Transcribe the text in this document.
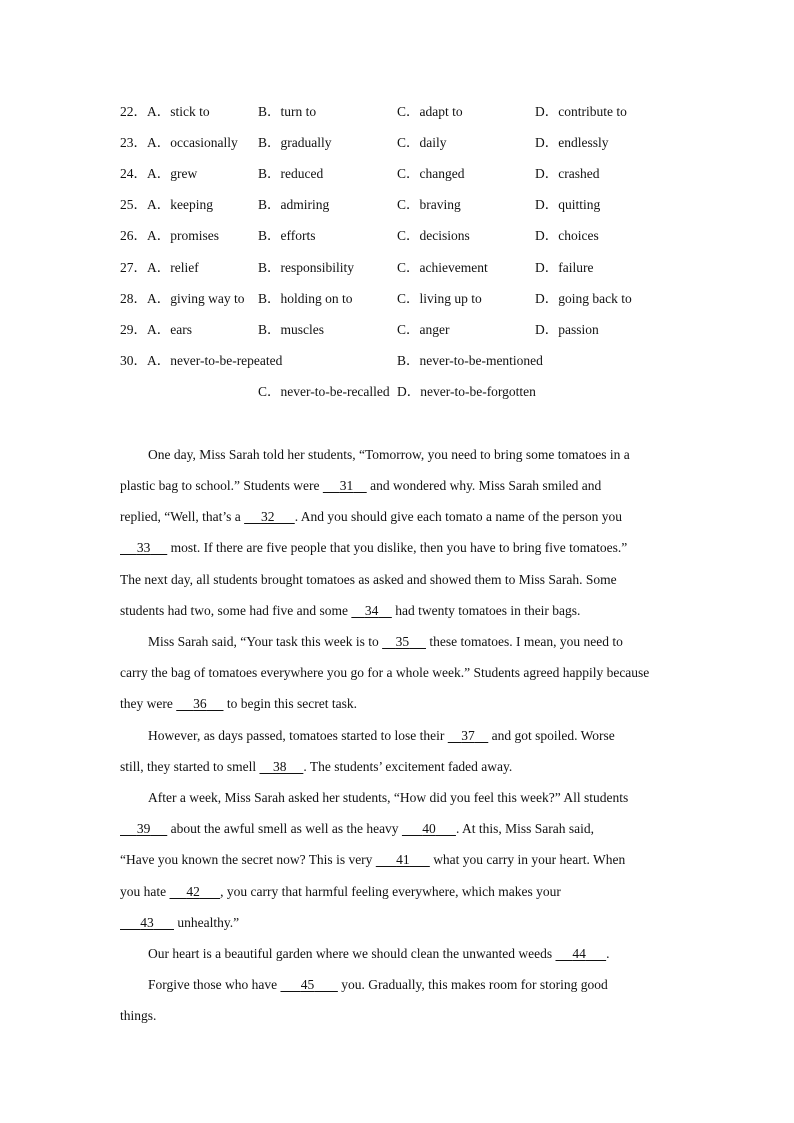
22． A．stick to	B．turn to	C．adapt to	D．contribute to
23． A．occasionally B．gradually	C．daily	D．endlessly
24． A．grew	B．reduced	C．changed	D．crashed
25． A．keeping	B．admiring	C．braving	D．quitting
26． A．promises	B．efforts	C．decisions	D．choices
27． A．relief	B．responsibility	C．achievement	D．failure
28． A．giving way to B．holding on to	C．living up to	D．going back to
29． A．ears	B．muscles	C．anger	D．passion
30． A．never-to-be-repeated	B．never-to-be-mentioned
C．never-to-be-recalled D．never-to-be-forgotten
One day, Miss Sarah told her students, “Tomorrow, you need to bring some tomatoes in a
plastic bag to school.” Students were      31     and wondered why. Miss Sarah smiled and
replied, “Well, that’s a      32 . And you should give each tomato a name of the person you
33      most. If there are five people that you dislike, then you have to bring five tomatoes.”
The next day, all students brought tomatoes as asked and showed them to Miss Sarah. Some
students had two, some had five and some     34     had twenty tomatoes in their bags.
Miss Sarah said, “Your task this week is to     35      these tomatoes. I mean, you need to
carry the bag of tomatoes everywhere you go for a whole week.” Students agreed happily because
they were      36      to begin this secret task.
However, as days passed, tomatoes started to lose their     37     and got spoiled. Worse
still, they started to smell     38 . The students’ excitement faded away.
After a week, Miss Sarah asked her students, “How did you feel this week?” All students
39      about the awful smell as well as the heavy       40 . At this, Miss Sarah said,
“Have you known the secret now? This is very       41       what you carry in your heart. When
you hate      42 , you carry that harmful feeling everywhere, which makes your
43       unhealthy.”
Our heart is a beautiful garden where we should clean the unwanted weeds      44 .
Forgive those who have       45        you. Gradually, this makes room for storing good
things.
